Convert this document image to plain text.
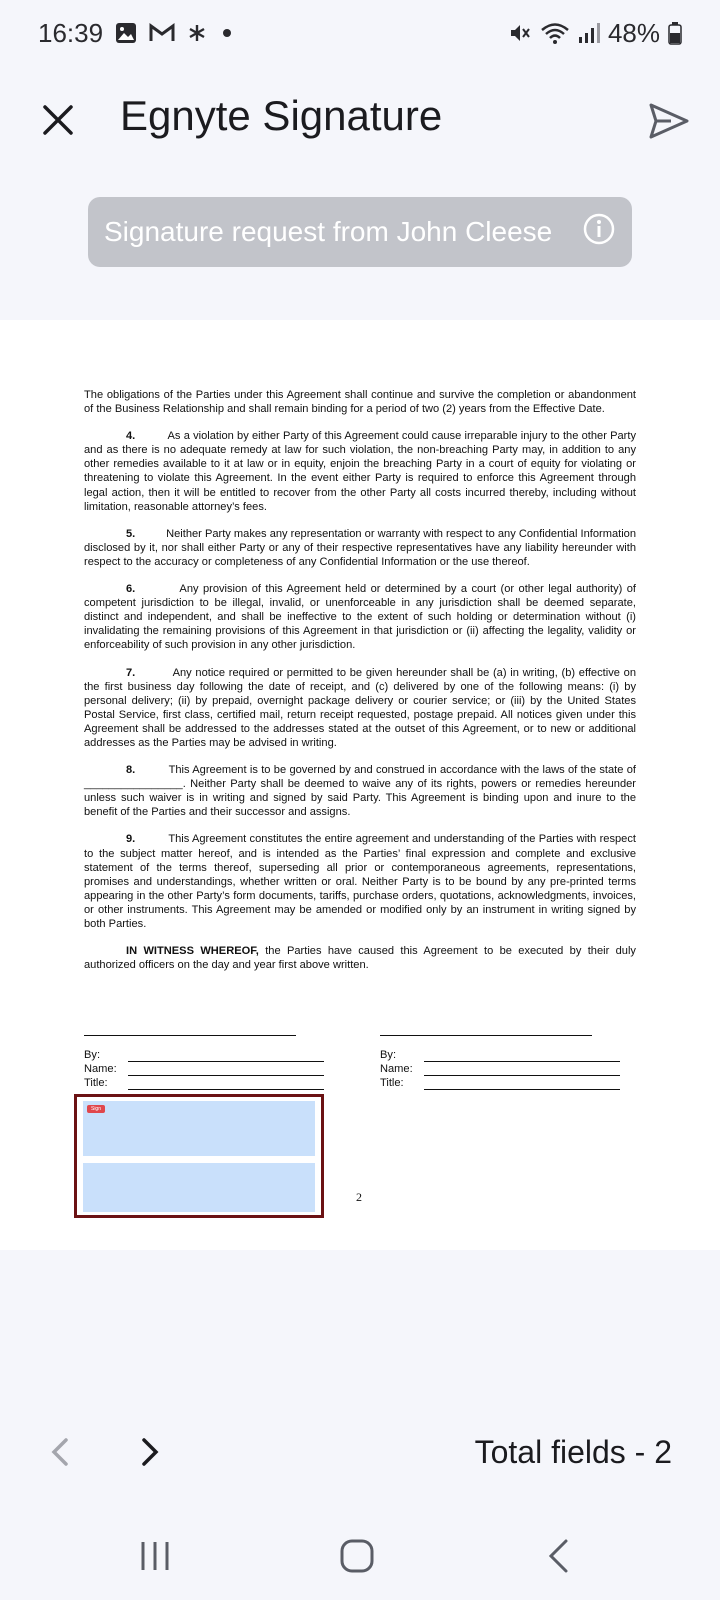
16:39	48%
Egnyte Signature
Signature request from John Cleese

The obligations of the Parties under this Agreement shall continue and survive the completion or abandonment of the Business Relationship and shall remain binding for a period of two (2) years from the Effective Date.

4.	As a violation by either Party of this Agreement could cause irreparable injury to the other Party and as there is no adequate remedy at law for such violation, the non-breaching Party may, in addition to any other remedies available to it at law or in equity, enjoin the breaching Party in a court of equity for violating or threatening to violate this Agreement. In the event either Party is required to enforce this Agreement through legal action, then it will be entitled to recover from the other Party all costs incurred thereby, including without limitation, reasonable attorney’s fees.

5.	Neither Party makes any representation or warranty with respect to any Confidential Information disclosed by it, nor shall either Party or any of their respective representatives have any liability hereunder with respect to the accuracy or completeness of any Confidential Information or the use thereof.

6.	Any provision of this Agreement held or determined by a court (or other legal authority) of competent jurisdiction to be illegal, invalid, or unenforceable in any jurisdiction shall be deemed separate, distinct and independent, and shall be ineffective to the extent of such holding or determination without (i) invalidating the remaining provisions of this Agreement in that jurisdiction or (ii) affecting the legality, validity or enforceability of such provision in any other jurisdiction.

7.	Any notice required or permitted to be given hereunder shall be (a) in writing, (b) effective on the first business day following the date of receipt, and (c) delivered by one of the following means: (i) by personal delivery; (ii) by prepaid, overnight package delivery or courier service; or (iii) by the United States Postal Service, first class, certified mail, return receipt requested, postage prepaid. All notices given under this Agreement shall be addressed to the addresses stated at the outset of this Agreement, or to new or additional addresses as the Parties may be advised in writing.

8.	This Agreement is to be governed by and construed in accordance with the laws of the state of ________________. Neither Party shall be deemed to waive any of its rights, powers or remedies hereunder unless such waiver is in writing and signed by said Party. This Agreement is binding upon and inure to the benefit of the Parties and their successor and assigns.

9.	This Agreement constitutes the entire agreement and understanding of the Parties with respect to the subject matter hereof, and is intended as the Parties’ final expression and complete and exclusive statement of the terms thereof, superseding all prior or contemporaneous agreements, representations, promises and understandings, whether written or oral. Neither Party is to be bound by any pre-printed terms appearing in the other Party’s form documents, tariffs, purchase orders, quotations, acknowledgments, invoices, or other instruments. This Agreement may be amended or modified only by an instrument in writing signed by both Parties.

IN WITNESS WHEREOF, the Parties have caused this Agreement to be executed by their duly authorized officers on the day and year first above written.

By:
Name:
Title:
By:
Name:
Title:
Sign
2
Total fields - 2
